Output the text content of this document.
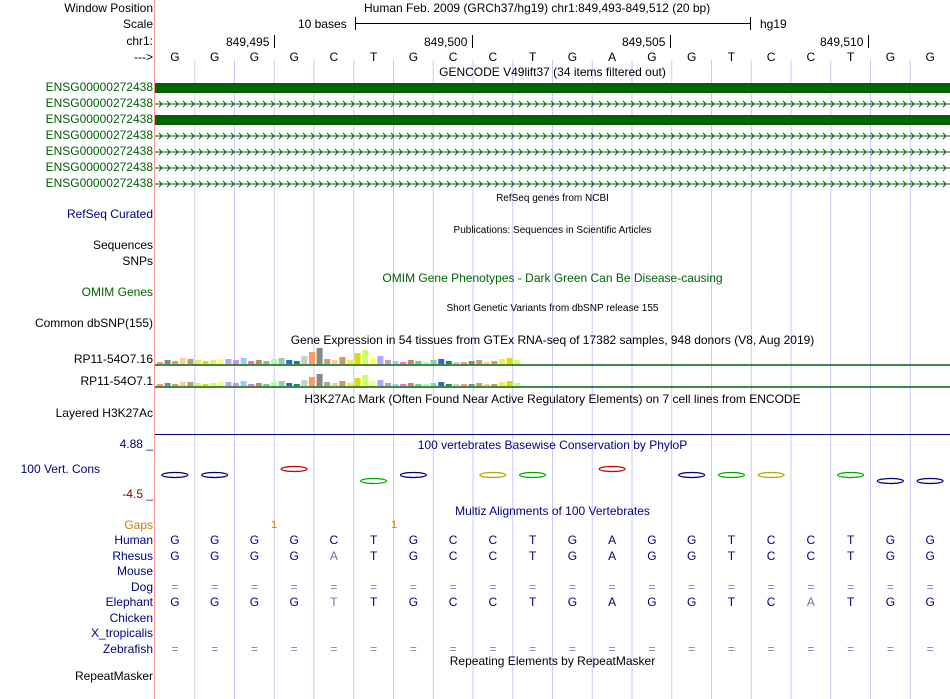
Window Position	Human Feb. 2009 (GRCh37/hg19) chr1:849,493-849,512 (20 bp)
Scale	10 bases	hg19
chr1:	849,495	849,500	849,505	849,510
--->	G	G	G	G	C	T	G	C	C	T	G	A	G	G	T	C	C	T	G	G
GENCODE V49lift37 (34 items filtered out)
ENSG00000272438
ENSG00000272438
ENSG00000272438
ENSG00000272438
ENSG00000272438
ENSG00000272438
ENSG00000272438
RefSeq genes from NCBI
RefSeq Curated
Publications: Sequences in Scientific Articles
Sequences
SNPs
OMIM Gene Phenotypes - Dark Green Can Be Disease-causing
OMIM Genes
Short Genetic Variants from dbSNP release 155
Common dbSNP(155)
Gene Expression in 54 tissues from GTEx RNA-seq of 17382 samples, 948 donors (V8, Aug 2019)
RP11-54O7.16
RP11-54O7.1
H3K27Ac Mark (Often Found Near Active Regulatory Elements) on 7 cell lines from ENCODE
Layered H3K27Ac
100 vertebrates Basewise Conservation by PhyloP
4.88 _
100 Vert. Cons
-4.5 _
Multiz Alignments of 100 Vertebrates
Gaps	1	1
Human	G	G	G	G	C	T	G	C	C	T	G	A	G	G	T	C	C	T	G	G
Rhesus	G	G	G	G	A	T	G	C	C	T	G	A	G	G	T	C	C	T	G	G
Mouse
Dog	=	=	=	=	=	=	=	=	=	=	=	=	=	=	=	=	=	=	=	=
Elephant	G	G	G	G	T	T	G	C	C	T	G	A	G	G	T	C	A	T	G	G
Chicken
X_tropicalis
Zebrafish	=	=	=	=	=	=	=	=	=	=	=	=	=	=	=	=	=	=	=	=
Repeating Elements by RepeatMasker
RepeatMasker
